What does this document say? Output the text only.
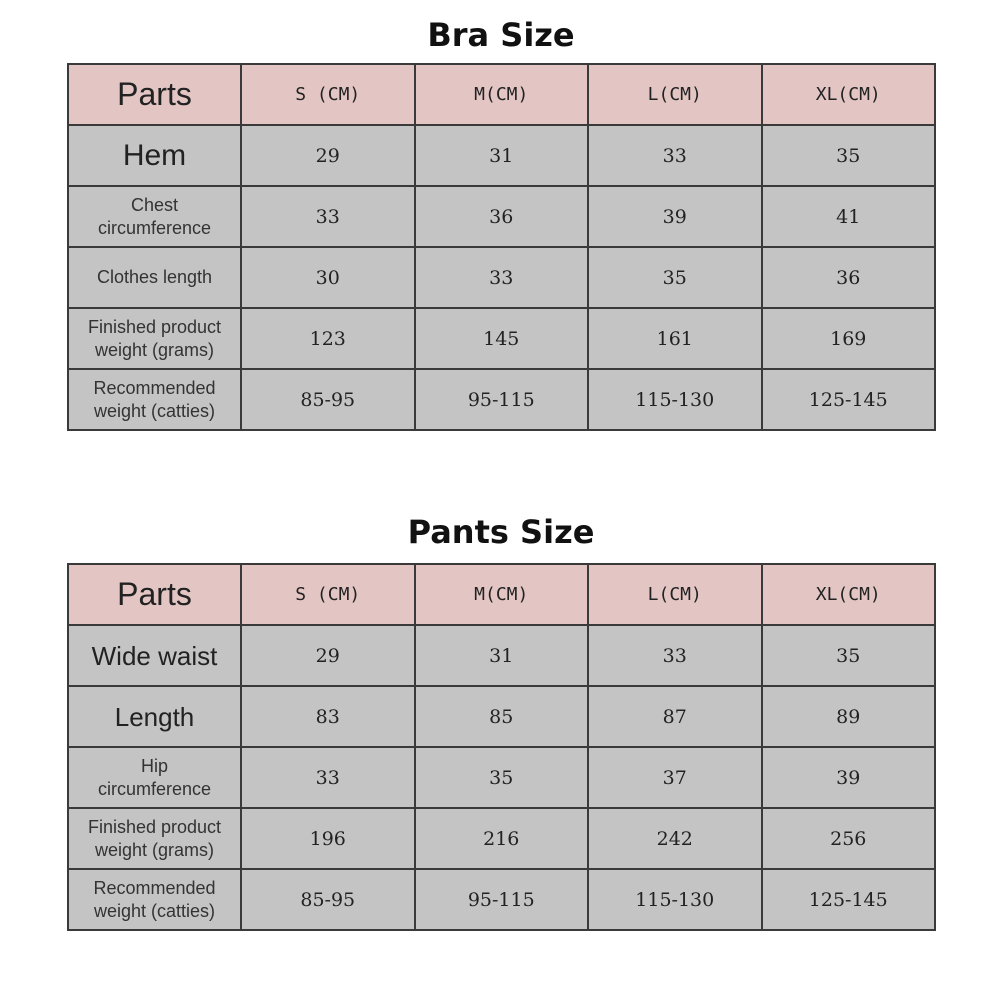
Bra Size
Parts	S (CM)	M(CM)	L(CM)	XL(CM)
Hem	29	31	33	35
Chest
circumference	33	36	39	41
Clothes length	30	33	35	36
Finished product
weight (grams)	123	145	161	169
Recommended
weight (catties)	85-95	95-115	115-130	125-145
Pants Size
Parts	S (CM)	M(CM)	L(CM)	XL(CM)
Wide waist	29	31	33	35
Length	83	85	87	89
Hip
circumference	33	35	37	39
Finished product
weight (grams)	196	216	242	256
Recommended
weight (catties)	85-95	95-115	115-130	125-145
